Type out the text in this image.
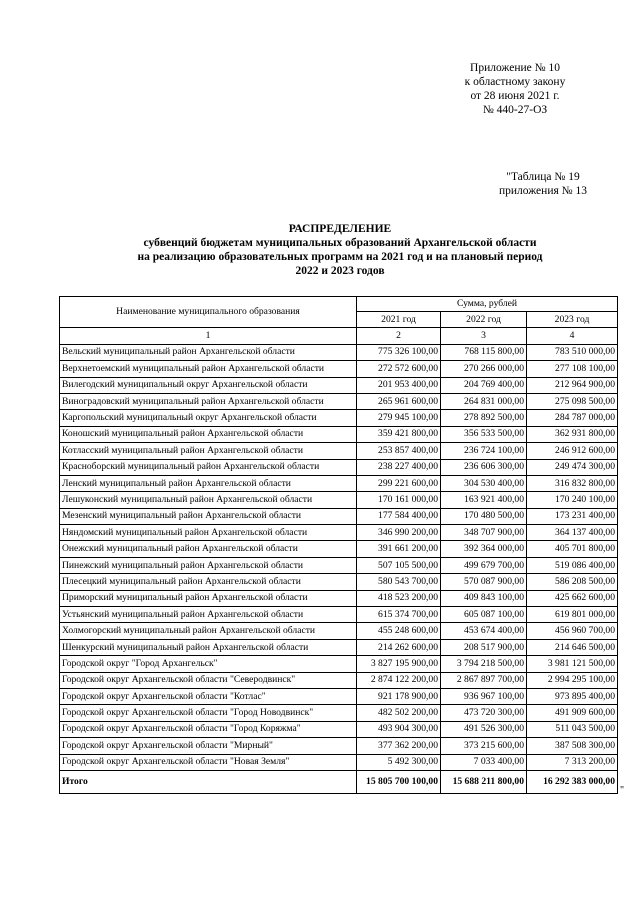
Приложение № 10
к областному закону
от 28 июня 2021 г.
№ 440-27-ОЗ
"Таблица № 19
приложения № 13
РАСПРЕДЕЛЕНИЕ
субвенций бюджетам муниципальных образований Архангельской области
на реализацию образовательных программ на 2021 год и на плановый период
2022 и 2023 годов
Наименование муниципального образования	Сумма, рублей		
	2021 год	2022 год	2023 год
1	2	3	4
Вельский муниципальный район Архангельской области	775 326 100,00	768 115 800,00	783 510 000,00
Верхнетоемский муниципальный район Архангельской области	272 572 600,00	270 266 000,00	277 108 100,00
Вилегодский муниципальный округ Архангельской области	201 953 400,00	204 769 400,00	212 964 900,00
Виноградовский муниципальный район Архангельской области	265 961 600,00	264 831 000,00	275 098 500,00
Каргопольский муниципальный округ Архангельской области	279 945 100,00	278 892 500,00	284 787 000,00
Коношский муниципальный район Архангельской области	359 421 800,00	356 533 500,00	362 931 800,00
Котласский муниципальный район Архангельской области	253 857 400,00	236 724 100,00	246 912 600,00
Красноборский муниципальный район Архангельской области	238 227 400,00	236 606 300,00	249 474 300,00
Ленский муниципальный район Архангельской области	299 221 600,00	304 530 400,00	316 832 800,00
Лешуконский муниципальный район Архангельской области	170 161 000,00	163 921 400,00	170 240 100,00
Мезенский муниципальный район Архангельской области	177 584 400,00	170 480 500,00	173 231 400,00
Няндомский муниципальный район Архангельской области	346 990 200,00	348 707 900,00	364 137 400,00
Онежский муниципальный район Архангельской области	391 661 200,00	392 364 000,00	405 701 800,00
Пинежский муниципальный район Архангельской области	507 105 500,00	499 679 700,00	519 086 400,00
Плесецкий муниципальный район Архангельской области	580 543 700,00	570 087 900,00	586 208 500,00
Приморский муниципальный район Архангельской области	418 523 200,00	409 843 100,00	425 662 600,00
Устьянский муниципальный район Архангельской области	615 374 700,00	605 087 100,00	619 801 000,00
Холмогорский муниципальный район Архангельской области	455 248 600,00	453 674 400,00	456 960 700,00
Шенкурский муниципальный район Архангельской области	214 262 600,00	208 517 900,00	214 646 500,00
Городской округ "Город Архангельск"	3 827 195 900,00	3 794 218 500,00	3 981 121 500,00
Городской округ Архангельской области "Северодвинск"	2 874 122 200,00	2 867 897 700,00	2 994 295 100,00
Городской округ Архангельской области "Котлас"	921 178 900,00	936 967 100,00	973 895 400,00
Городской округ Архангельской области "Город Новодвинск"	482 502 200,00	473 720 300,00	491 909 600,00
Городской округ Архангельской области "Город Коряжма"	493 904 300,00	491 526 300,00	511 043 500,00
Городской округ Архангельской области "Мирный"	377 362 200,00	373 215 600,00	387 508 300,00
Городской округ Архангельской области "Новая Земля"	5 492 300,00	7 033 400,00	7 313 200,00
Итого	15 805 700 100,00	15 688 211 800,00	16 292 383 000,00
"
